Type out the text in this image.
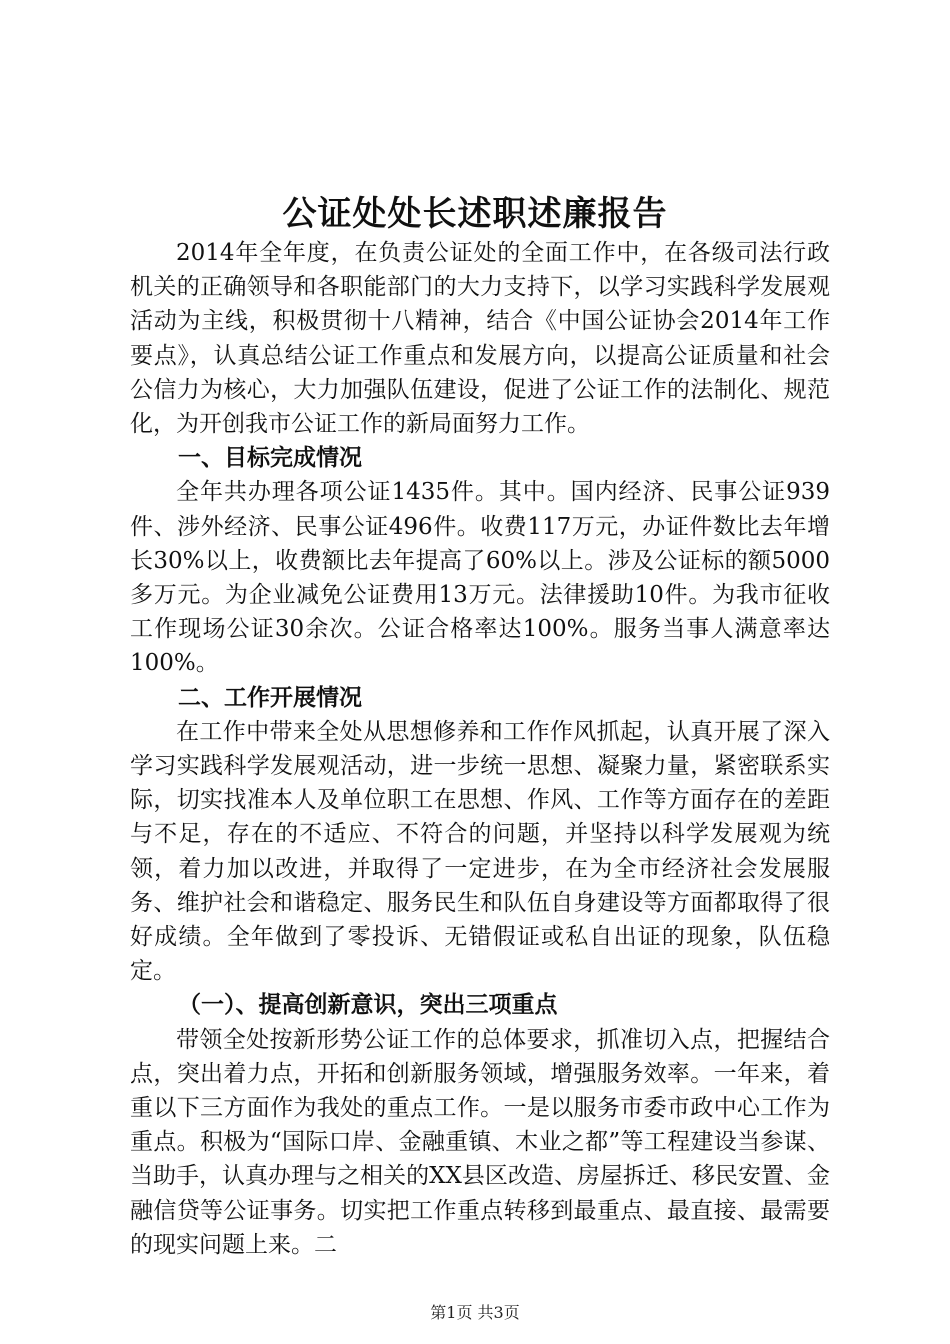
公证处处长述职述廉报告

2014年全年度，在负责公证处的全面工作中，在各级司法行政机关的正确领导和各职能部门的大力支持下，以学习实践科学发展观活动为主线，积极贯彻十八精神，结合《中国公证协会2014年工作要点》，认真总结公证工作重点和发展方向，以提高公证质量和社会公信力为核心，大力加强队伍建设，促进了公证工作的法制化、规范化，为开创我市公证工作的新局面努力工作。

一、目标完成情况

全年共办理各项公证1435件。其中。国内经济、民事公证939件、涉外经济、民事公证496件。收费117万元，办证件数比去年增长30%以上，收费额比去年提高了60%以上。涉及公证标的额5000多万元。为企业减免公证费用13万元。法律援助10件。为我市征收工作现场公证30余次。公证合格率达100%。服务当事人满意率达100%。

二、工作开展情况

在工作中带来全处从思想修养和工作作风抓起，认真开展了深入学习实践科学发展观活动，进一步统一思想、凝聚力量，紧密联系实际，切实找准本人及单位职工在思想、作风、工作等方面存在的差距与不足，存在的不适应、不符合的问题，并坚持以科学发展观为统领，着力加以改进，并取得了一定进步，在为全市经济社会发展服务、维护社会和谐稳定、服务民生和队伍自身建设等方面都取得了很好成绩。全年做到了零投诉、无错假证或私自出证的现象，队伍稳定。

（一）、提高创新意识，突出三项重点

带领全处按新形势公证工作的总体要求，抓准切入点，把握结合点，突出着力点，开拓和创新服务领域，增强服务效率。一年来，着重以下三方面作为我处的重点工作。一是以服务市委市政中心工作为重点。积极为“国际口岸、金融重镇、木业之都”等工程建设当参谋、当助手，认真办理与之相关的XX县区改造、房屋拆迁、移民安置、金融信贷等公证事务。切实把工作重点转移到最重点、最直接、最需要的现实问题上来。二

第1页 共3页
